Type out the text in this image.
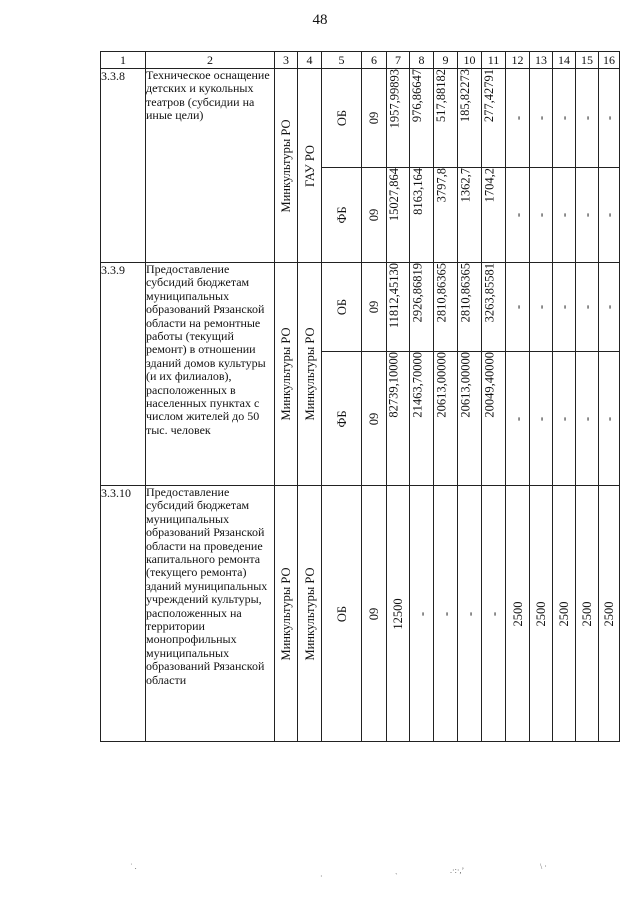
48
1	2	3	4	5	6	7	8	9	10	11	12	13	14	15	16
3.3.8	Техническое оснащение детских и кукольных театров (субсидии на иные цели)	Минкультуры РО	ГАУ РО	ОБ	09	1957,99893	976,86647	517,88182	185,82273	277,42791	-	-	-	-	-

				ФБ	09	15027,864	8163,164	3797,8	1362,7	1704,2	-	-	-	-	-

3.3.9	Предоставление субсидий бюджетам муниципальных образований Рязанской области на ремонтные работы (текущий ремонт) в отношении зданий домов культуры (и их филиалов), расположенных в населенных пунктах с числом жителей до 50 тыс. человек	Минкультуры РО	Минкультуры РО	ОБ	09	11812,45130	2926,86819	2810,86365	2810,86365	3263,85581	-	-	-	-	-

				ФБ	09	82739,10000	21463,70000	20613,00000	20613,00000	20049,40000	-	-	-	-	-

3.3.10	Предоставление субсидий бюджетам муниципальных образований Рязанской области на проведение капитального ремонта (текущего ремонта) зданий муниципальных учреждений культуры, расположенных на территории монопрофильных муниципальных образований Рязанской области	Минкультуры РО	Минкультуры РО	ОБ	09	12500	-	-	-	-	2500	2500	2500	2500	2500
˙ .
·	`
.·:·,ʼ	\ ·
